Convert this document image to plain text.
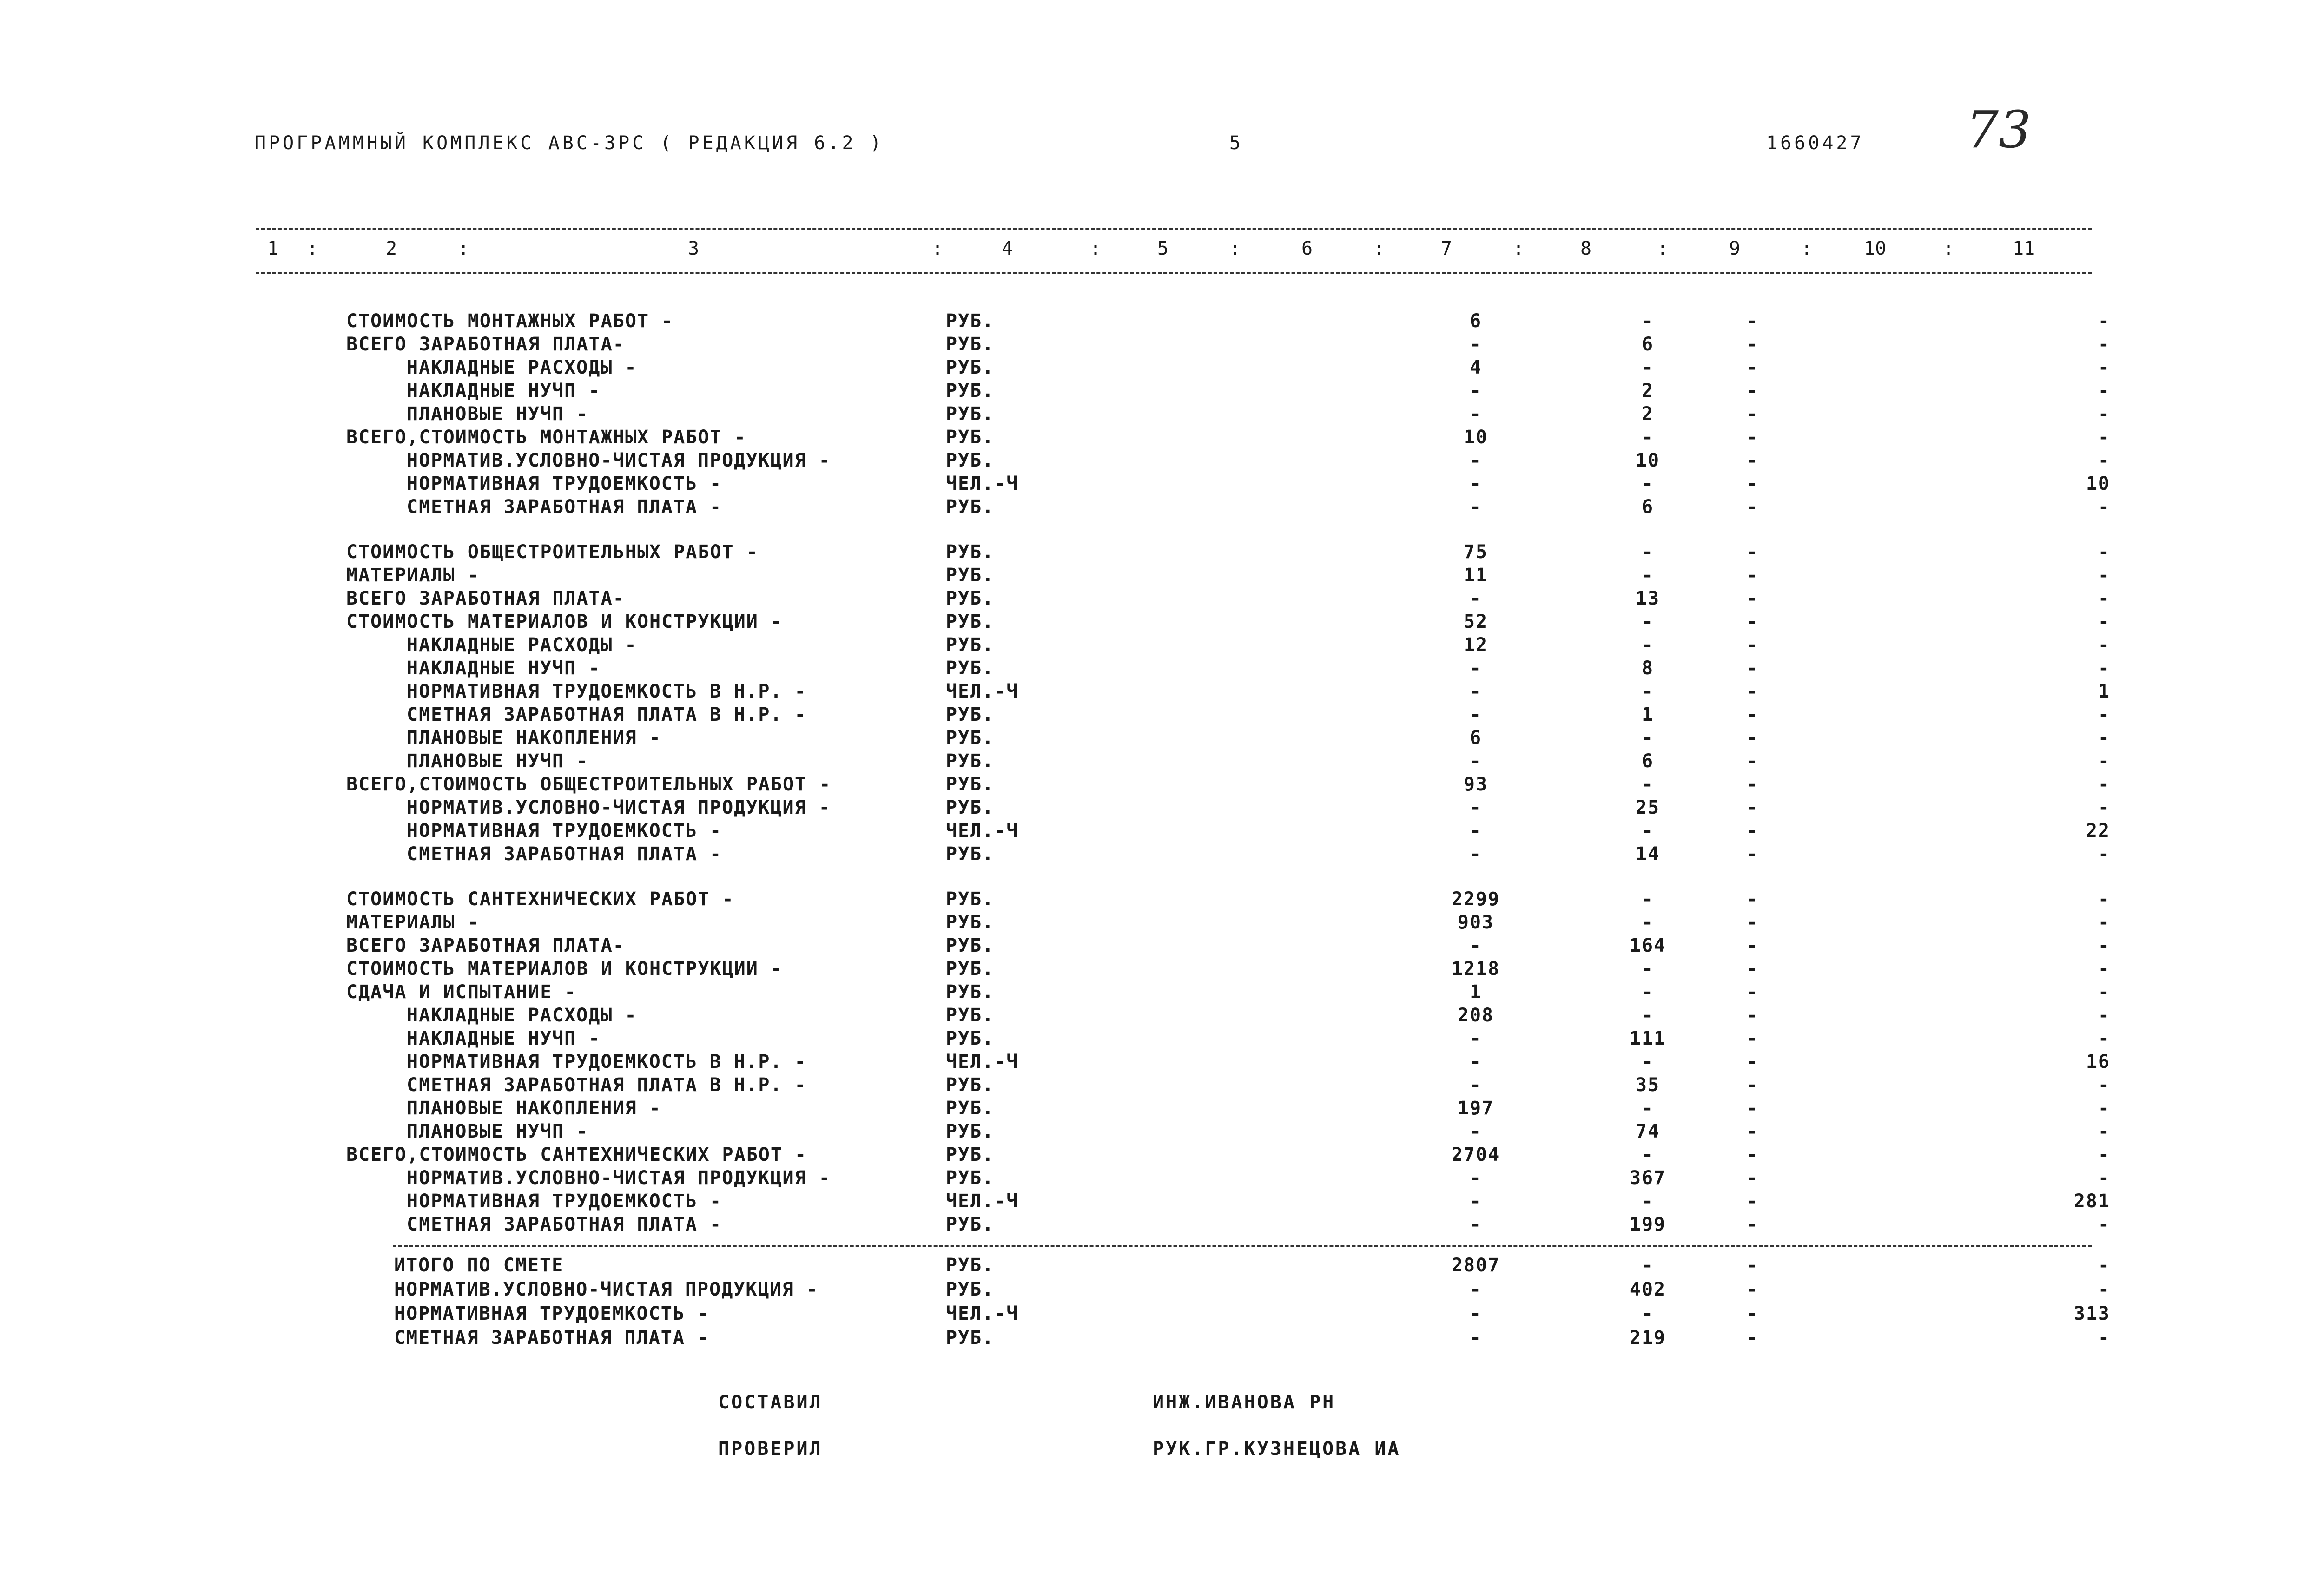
ПРОГРАММНЫЙ КОМПЛЕКС АВС-ЗРС ( РЕДАКЦИЯ 6.2 )	5	1660427 73
1	2	3	4	5	6	7	8	9	10	11
:	:	:	:	:	:	:	:	:	:
СТОИМОСТЬ МОНТАЖНЫХ РАБОТ -	РУБ.	6	-	-	-
ВСЕГО ЗАРАБОТНАЯ ПЛАТА-	РУБ.	-	6	-	-
НАКЛАДНЫЕ РАСХОДЫ -	РУБ.	4	-	-	-
НАКЛАДНЫЕ НУЧП -	РУБ.	-	2	-	-
ПЛАНОВЫЕ НУЧП -	РУБ.	-	2	-	-
ВСЕГО,СТОИМОСТЬ МОНТАЖНЫХ РАБОТ -	РУБ.	10	-	-	-
НОРМАТИВ.УСЛОВНО-ЧИСТАЯ ПРОДУКЦИЯ -	РУБ.	-	10	-	-
НОРМАТИВНАЯ ТРУДОЕМКОСТЬ -	ЧЕЛ.-Ч	-	-	-	10
СМЕТНАЯ ЗАРАБОТНАЯ ПЛАТА -	РУБ.	-	6	-	-
СТОИМОСТЬ ОБЩЕСТРОИТЕЛЬНЫХ РАБОТ -	РУБ.	75	-	-	-
МАТЕРИАЛЫ -	РУБ.	11	-	-	-
ВСЕГО ЗАРАБОТНАЯ ПЛАТА-	РУБ.	-	13	-	-
СТОИМОСТЬ МАТЕРИАЛОВ И КОНСТРУКЦИИ -	РУБ.	52	-	-	-
НАКЛАДНЫЕ РАСХОДЫ -	РУБ.	12	-	-	-
НАКЛАДНЫЕ НУЧП -	РУБ.	-	8	-	-
НОРМАТИВНАЯ ТРУДОЕМКОСТЬ В Н.Р. -	ЧЕЛ.-Ч	-	-	-	1
СМЕТНАЯ ЗАРАБОТНАЯ ПЛАТА В Н.Р. -	РУБ.	-	1	-	-
ПЛАНОВЫЕ НАКОПЛЕНИЯ -	РУБ.	6	-	-	-
ПЛАНОВЫЕ НУЧП -	РУБ.	-	6	-	-
ВСЕГО,СТОИМОСТЬ ОБЩЕСТРОИТЕЛЬНЫХ РАБОТ -	РУБ.	93	-	-	-
НОРМАТИВ.УСЛОВНО-ЧИСТАЯ ПРОДУКЦИЯ -	РУБ.	-	25	-	-
НОРМАТИВНАЯ ТРУДОЕМКОСТЬ -	ЧЕЛ.-Ч	-	-	-	22
СМЕТНАЯ ЗАРАБОТНАЯ ПЛАТА -	РУБ.	-	14	-	-
СТОИМОСТЬ САНТЕХНИЧЕСКИХ РАБОТ -	РУБ.	2299	-	-	-
МАТЕРИАЛЫ -	РУБ.	903	-	-	-
ВСЕГО ЗАРАБОТНАЯ ПЛАТА-	РУБ.	-	164	-	-
СТОИМОСТЬ МАТЕРИАЛОВ И КОНСТРУКЦИИ -	РУБ.	1218	-	-	-
СДАЧА И ИСПЫТАНИЕ -	РУБ.	1	-	-	-
НАКЛАДНЫЕ РАСХОДЫ -	РУБ.	208	-	-	-
НАКЛАДНЫЕ НУЧП -	РУБ.	-	111	-	-
НОРМАТИВНАЯ ТРУДОЕМКОСТЬ В Н.Р. -	ЧЕЛ.-Ч	-	-	-	16
СМЕТНАЯ ЗАРАБОТНАЯ ПЛАТА В Н.Р. -	РУБ.	-	35	-	-
ПЛАНОВЫЕ НАКОПЛЕНИЯ -	РУБ.	197	-	-	-
ПЛАНОВЫЕ НУЧП -	РУБ.	-	74	-	-
ВСЕГО,СТОИМОСТЬ САНТЕХНИЧЕСКИХ РАБОТ -	РУБ.	2704	-	-	-
НОРМАТИВ.УСЛОВНО-ЧИСТАЯ ПРОДУКЦИЯ -	РУБ.	-	367	-	-
НОРМАТИВНАЯ ТРУДОЕМКОСТЬ -	ЧЕЛ.-Ч	-	-	-	281
СМЕТНАЯ ЗАРАБОТНАЯ ПЛАТА -	РУБ.	-	199	-	-
ИТОГО ПО СМЕТЕ	РУБ.	2807	-	-	-
НОРМАТИВ.УСЛОВНО-ЧИСТАЯ ПРОДУКЦИЯ -	РУБ.	-	402	-	-
НОРМАТИВНАЯ ТРУДОЕМКОСТЬ -	ЧЕЛ.-Ч	-	-	-	313
СМЕТНАЯ ЗАРАБОТНАЯ ПЛАТА -	РУБ.	-	219	-	-
СОСТАВИЛ	ИНЖ.ИВАНОВА РН
ПРОВЕРИЛ	РУК.ГР.КУЗНЕЦОВА ИА
